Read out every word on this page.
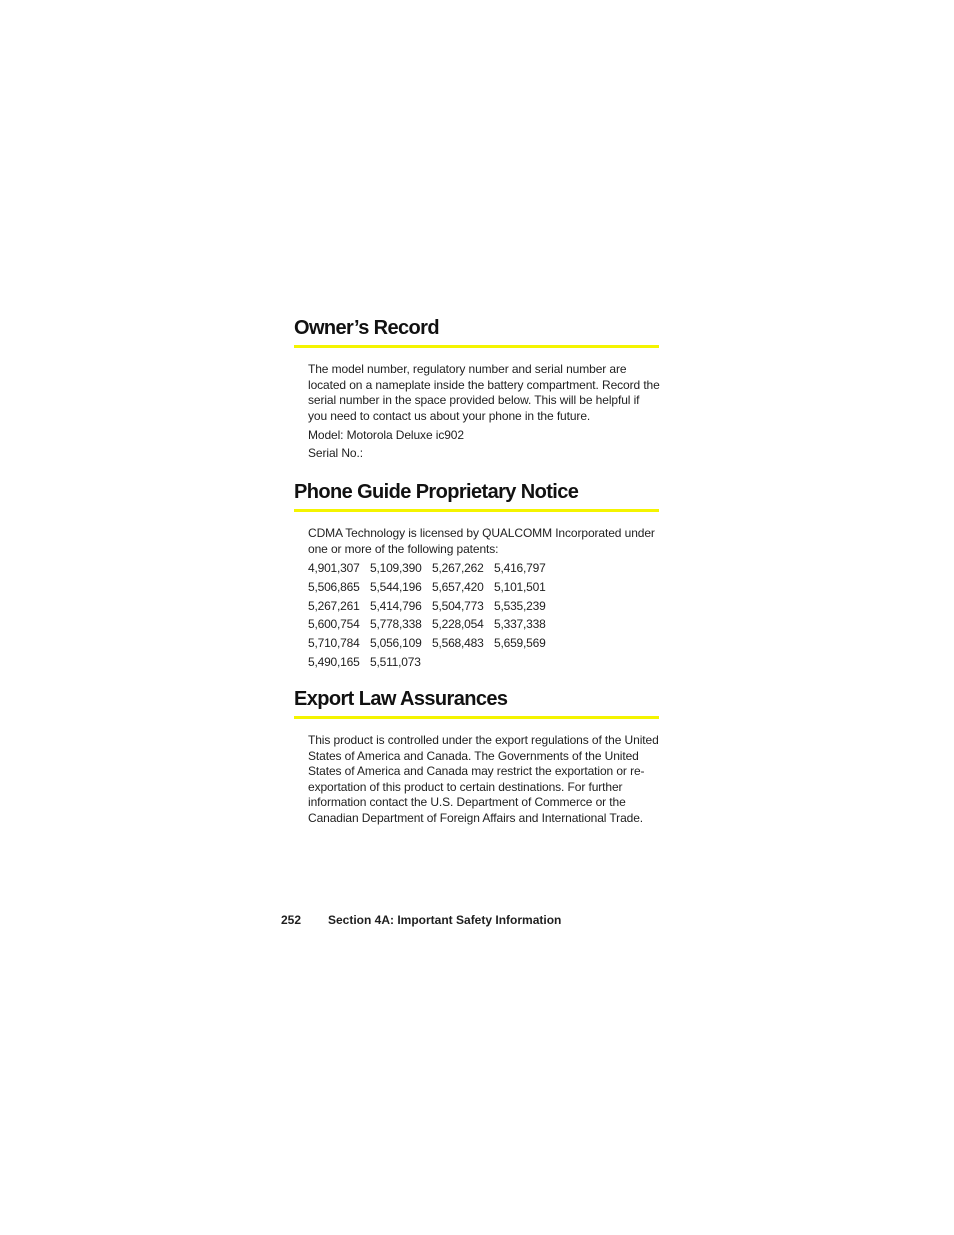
Owner’s Record

The model number, regulatory number and serial number are located on a nameplate inside the battery compartment. Record the serial number in the space provided below. This will be helpful if you need to contact us about your phone in the future.

Model: Motorola Deluxe ic902

Serial No.:

Phone Guide Proprietary Notice

CDMA Technology is licensed by QUALCOMM Incorporated under one or more of the following patents:

4,901,307 5,109,390 5,267,262 5,416,797
5,506,865 5,544,196 5,657,420 5,101,501
5,267,261 5,414,796 5,504,773 5,535,239
5,600,754 5,778,338 5,228,054 5,337,338
5,710,784 5,056,109 5,568,483 5,659,569
5,490,165 5,511,073
Export Law Assurances

This product is controlled under the export regulations of the United States of America and Canada. The Governments of the United States of America and Canada may restrict the exportation or re-exportation of this product to certain destinations. For further information contact the U.S. Department of Commerce or the Canadian Department of Foreign Affairs and International Trade.

252 Section 4A: Important Safety Information
